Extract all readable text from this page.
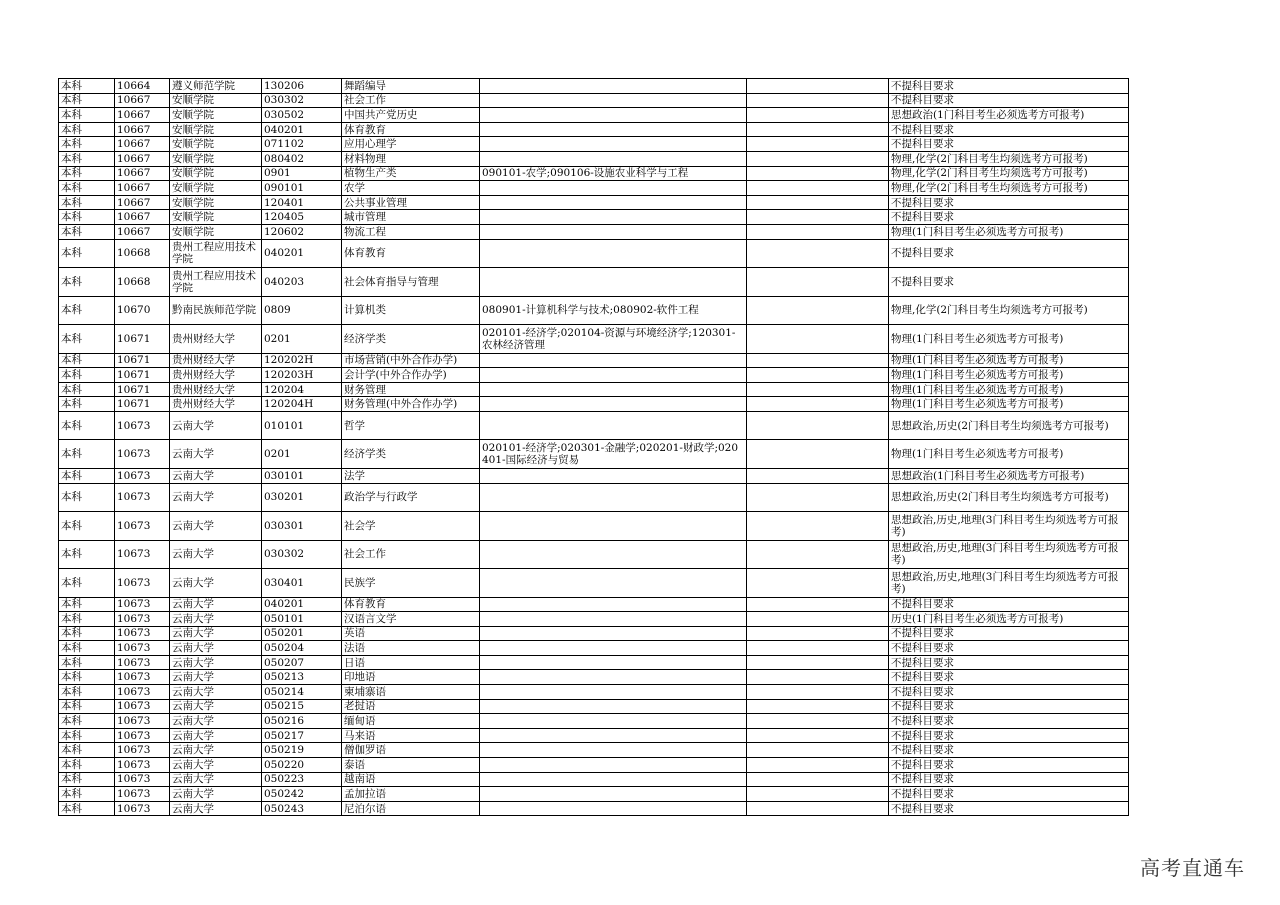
本科	10664	遵义师范学院	130206	舞蹈编导			不提科目要求
本科	10667	安顺学院	030302	社会工作			不提科目要求
本科	10667	安顺学院	030502	中国共产党历史			思想政治(1门科目考生必须选考方可报考)
本科	10667	安顺学院	040201	体育教育			不提科目要求
本科	10667	安顺学院	071102	应用心理学			不提科目要求
本科	10667	安顺学院	080402	材料物理			物理,化学(2门科目考生均须选考方可报考)
本科	10667	安顺学院	0901	植物生产类	090101-农学;090106-设施农业科学与工程		物理,化学(2门科目考生均须选考方可报考)
本科	10667	安顺学院	090101	农学			物理,化学(2门科目考生均须选考方可报考)
本科	10667	安顺学院	120401	公共事业管理			不提科目要求
本科	10667	安顺学院	120405	城市管理			不提科目要求
本科	10667	安顺学院	120602	物流工程			物理(1门科目考生必须选考方可报考)
本科	10668	贵州工程应用技术学院	040201	体育教育			不提科目要求
本科	10668	贵州工程应用技术学院	040203	社会体育指导与管理			不提科目要求
本科	10670	黔南民族师范学院	0809	计算机类	080901-计算机科学与技术;080902-软件工程		物理,化学(2门科目考生均须选考方可报考)
本科	10671	贵州财经大学	0201	经济学类	020101-经济学;020104-资源与环境经济学;120301-农林经济管理		物理(1门科目考生必须选考方可报考)
本科	10671	贵州财经大学	120202H	市场营销(中外合作办学)			物理(1门科目考生必须选考方可报考)
本科	10671	贵州财经大学	120203H	会计学(中外合作办学)			物理(1门科目考生必须选考方可报考)
本科	10671	贵州财经大学	120204	财务管理			物理(1门科目考生必须选考方可报考)
本科	10671	贵州财经大学	120204H	财务管理(中外合作办学)			物理(1门科目考生必须选考方可报考)
本科	10673	云南大学	010101	哲学			思想政治,历史(2门科目考生均须选考方可报考)
本科	10673	云南大学	0201	经济学类	020101-经济学;020301-金融学;020201-财政学;020401-国际经济与贸易		物理(1门科目考生必须选考方可报考)
本科	10673	云南大学	030101	法学			思想政治(1门科目考生必须选考方可报考)
本科	10673	云南大学	030201	政治学与行政学			思想政治,历史(2门科目考生均须选考方可报考)
本科	10673	云南大学	030301	社会学			思想政治,历史,地理(3门科目考生均须选考方可报考)
本科	10673	云南大学	030302	社会工作			思想政治,历史,地理(3门科目考生均须选考方可报考)
本科	10673	云南大学	030401	民族学			思想政治,历史,地理(3门科目考生均须选考方可报考)
本科	10673	云南大学	040201	体育教育			不提科目要求
本科	10673	云南大学	050101	汉语言文学			历史(1门科目考生必须选考方可报考)
本科	10673	云南大学	050201	英语			不提科目要求
本科	10673	云南大学	050204	法语			不提科目要求
本科	10673	云南大学	050207	日语			不提科目要求
本科	10673	云南大学	050213	印地语			不提科目要求
本科	10673	云南大学	050214	柬埔寨语			不提科目要求
本科	10673	云南大学	050215	老挝语			不提科目要求
本科	10673	云南大学	050216	缅甸语			不提科目要求
本科	10673	云南大学	050217	马来语			不提科目要求
本科	10673	云南大学	050219	僧伽罗语			不提科目要求
本科	10673	云南大学	050220	泰语			不提科目要求
本科	10673	云南大学	050223	越南语			不提科目要求
本科	10673	云南大学	050242	孟加拉语			不提科目要求
本科	10673	云南大学	050243	尼泊尔语			不提科目要求
高考直通车
